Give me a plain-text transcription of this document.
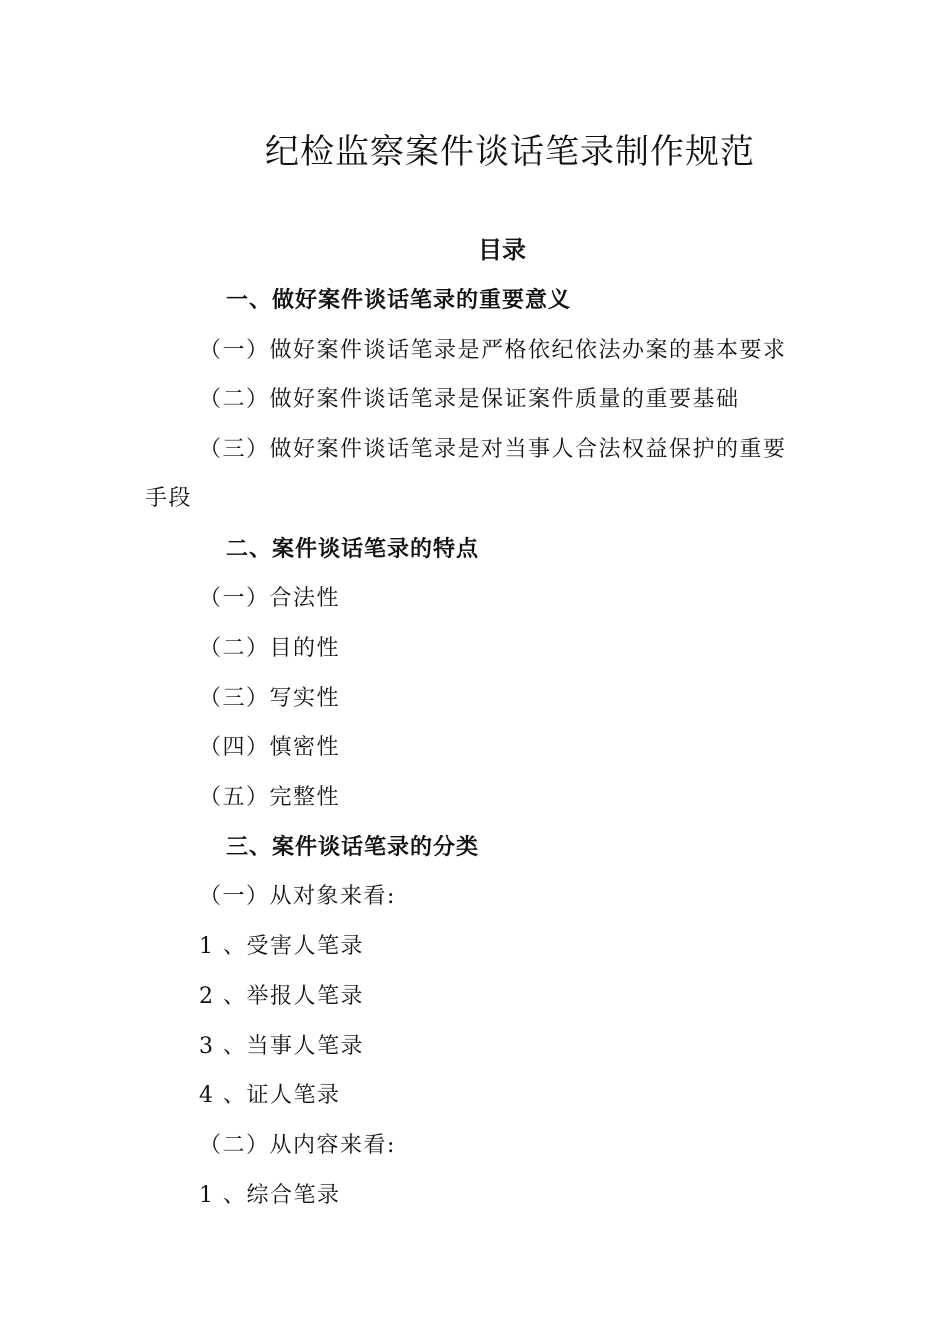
纪检监察案件谈话笔录制作规范
目录
一、做好案件谈话笔录的重要意义
（一）做好案件谈话笔录是严格依纪依法办案的基本要求
（二）做好案件谈话笔录是保证案件质量的重要基础
（三）做好案件谈话笔录是对当事人合法权益保护的重要
手段
二、案件谈话笔录的特点
（一）合法性
（二）目的性
（三）写实性
（四）慎密性
（五）完整性
三、案件谈话笔录的分类
（一）从对象来看:
1 、受害人笔录
2 、举报人笔录
3 、当事人笔录
4 、证人笔录
（二）从内容来看:
1 、综合笔录
